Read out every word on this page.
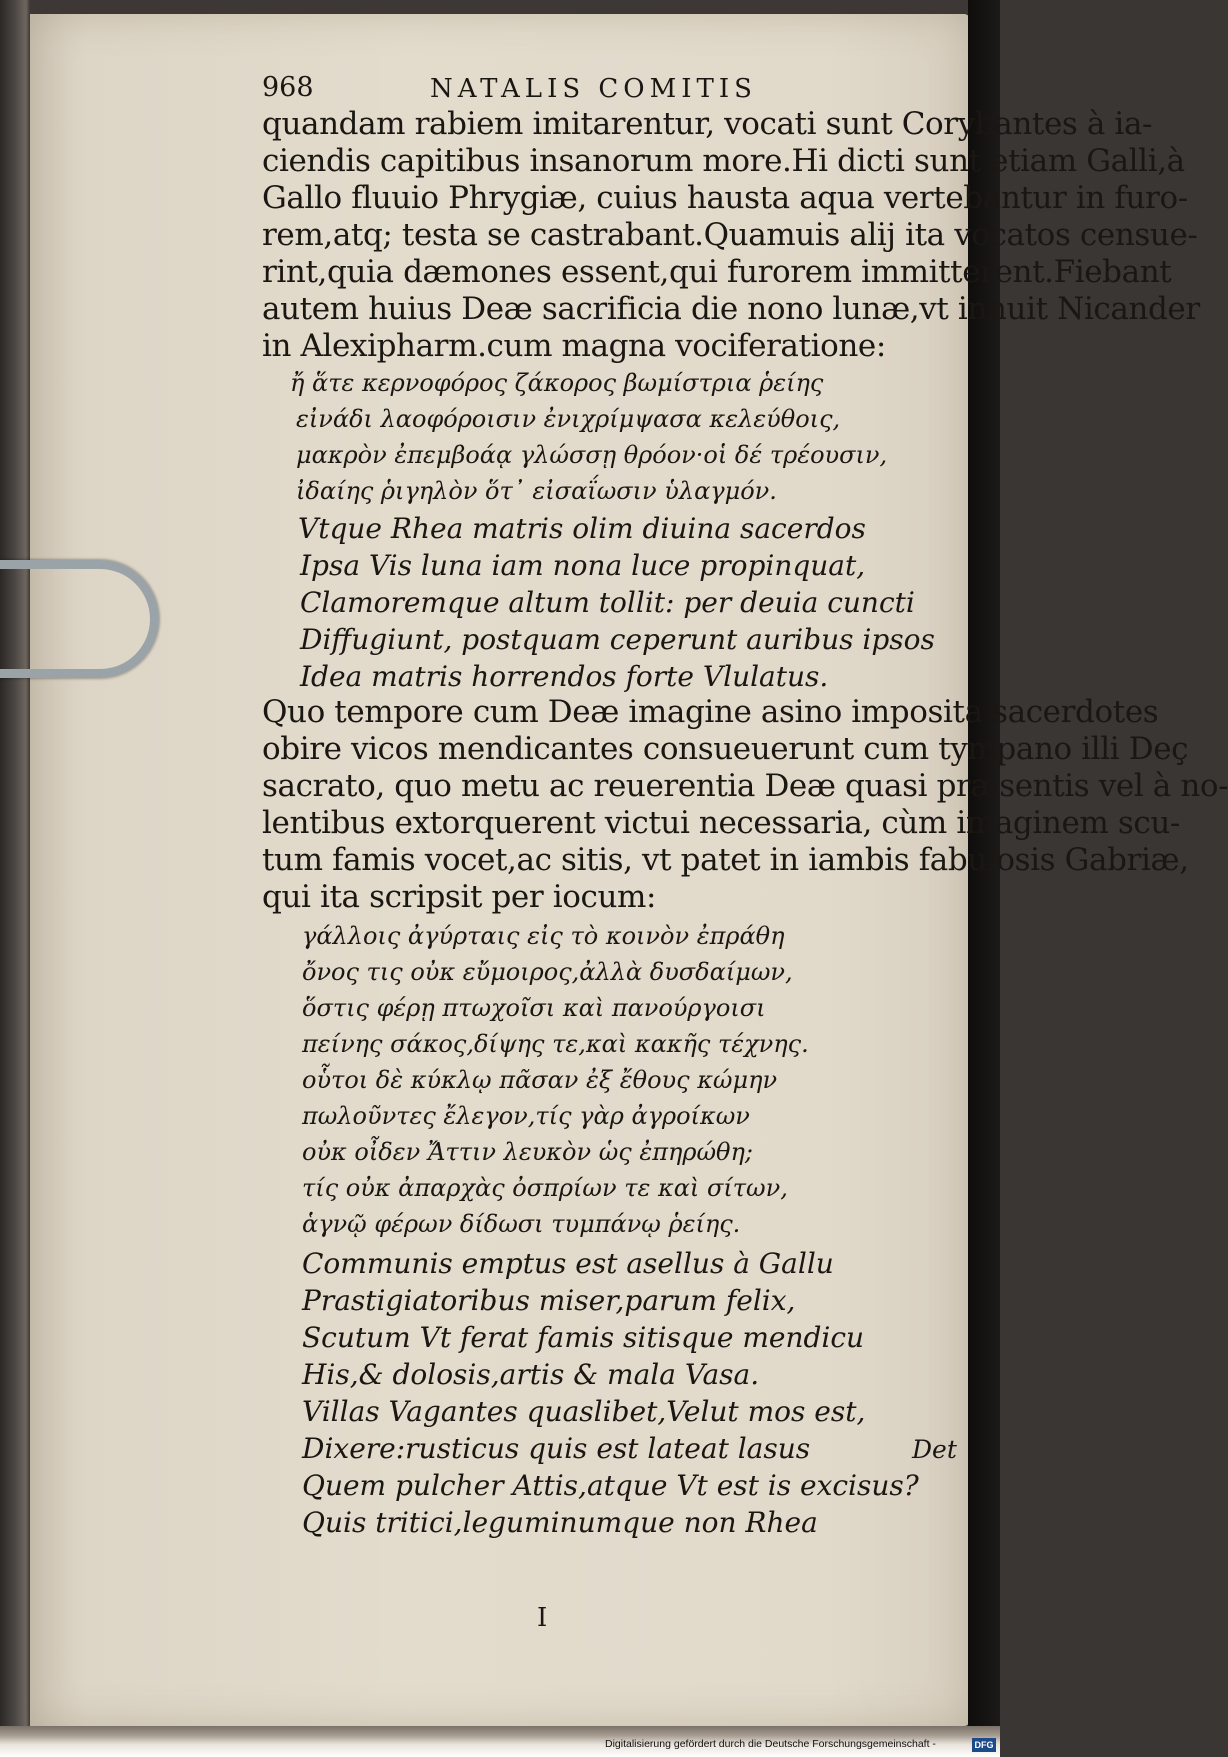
968	NATALIS COMITIS
quandam rabiem imitarentur, vocati sunt Corybantes à ia-
ciendis capitibus insanorum more.Hi dicti sunt etiam Galli,à
Gallo fluuio Phrygiæ, cuius hausta aqua vertebantur in furo-
rem,atq; testa se castrabant.Quamuis alij ita vocatos censue-
rint,quia dæmones essent,qui furorem immitterent.Fiebant
autem huius Deæ sacrificia die nono lunæ,vt innuit Nicander
in Alexipharm.cum magna vociferatione:
ἤ ἅτε κερνοφόρος ζάκορος βωμίστρια ῥείης
εἰνάδι λαοφόροισιν ἐνιχρίμψασα κελεύθοις,
μακρὸν ἐπεμβοάᾳ γλώσσῃ θρόον·οἱ δέ τρέουσιν,
ἰδαίης ῥιγηλὸν ὅτ᾽ εἰσαΐωσιν ὑλαγμόν.
Vtque Rhea matris olim diuina sacerdos
Ipsa Vis luna iam nona luce propinquat,
Clamoremque altum tollit: per deuia cuncti
Diffugiunt, postquam ceperunt auribus ipsos
Idea matris horrendos forte Vlulatus.
Quo tempore cum Deæ imagine asino imposita sacerdotes
obire vicos mendicantes consueuerunt cum tympano illi Deç
sacrato, quo metu ac reuerentia Deæ quasi præsentis vel à no-
lentibus extorquerent victui necessaria, cùm imaginem scu-
tum famis vocet,ac sitis, vt patet in iambis fabulosis Gabriæ,
qui ita scripsit per iocum:
γάλλοις ἀγύρταις εἰς τὸ κοινὸν ἐπράθη
ὄνος τις οὐκ εὔμοιρος,ἀλλὰ δυσδαίμων,
ὅστις φέρῃ πτωχοῖσι καὶ πανούργοισι
πείνης σάκος,δίψης τε,καὶ κακῆς τέχνης.
οὗτοι δὲ κύκλῳ πᾶσαν ἐξ ἔθους κώμην
πωλοῦντες ἔλεγον,τίς γὰρ ἀγροίκων
οὐκ οἶδεν Ἄττιν λευκὸν ὡς ἐπηρώθη;
τίς οὐκ ἀπαρχὰς ὀσπρίων τε καὶ σίτων,
ἁγνῷ φέρων δίδωσι τυμπάνῳ ῥείης.
Communis emptus est asellus à Gallu
Prastigiatoribus miser,parum felix,
Scutum Vt ferat famis sitisque mendicu
His,& dolosis,artis & mala Vasa.
Villas Vagantes quaslibet,Velut mos est,
Dixere:rusticus quis est lateat lasus
Quem pulcher Attis,atque Vt est is excisus?
Quis tritici,leguminumque non Rhea
Det
I
Digitalisierung gefördert durch die Deutsche Forschungsgemeinschaft -	DFG
